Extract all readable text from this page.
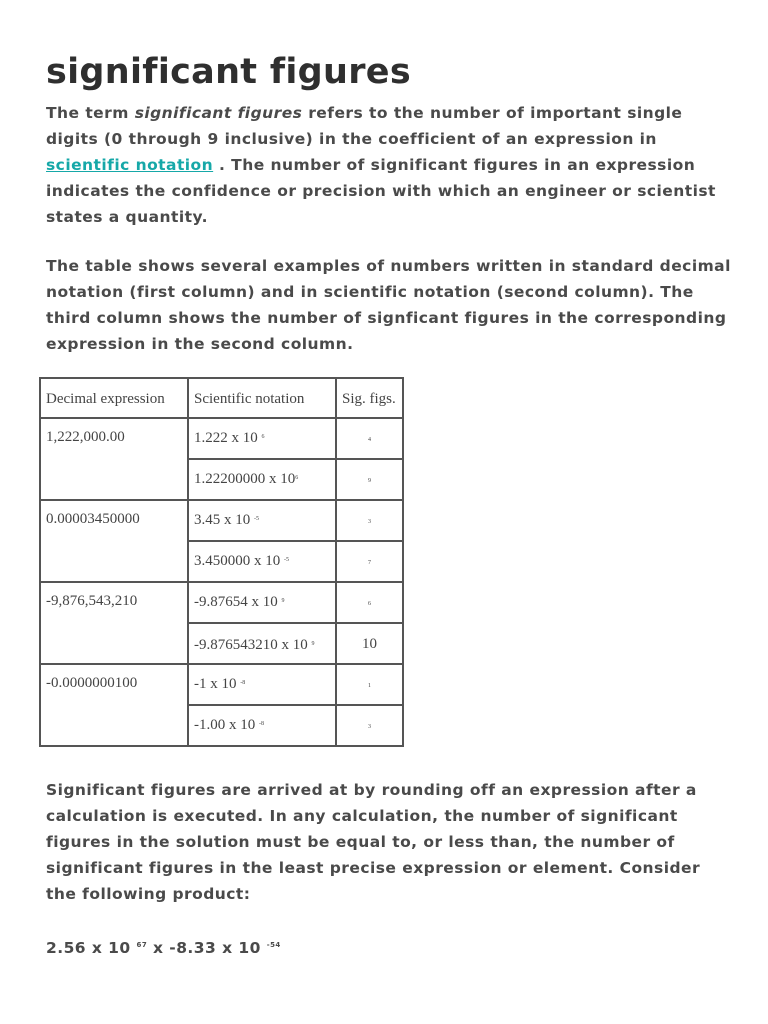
significant figures

The term significant figures refers to the number of important single digits (0 through 9 inclusive) in the coefficient of an expression in scientific notation . The number of significant figures in an expression indicates the confidence or precision with which an engineer or scientist states a quantity.

The table shows several examples of numbers written in standard decimal notation (first column) and in scientific notation (second column). The third column shows the number of signficant figures in the corresponding expression in the second column.

Decimal expression	Scientific notation	Sig. figs.
1,222,000.00	1.222 x 10 $^6$	4
	1.22200000 x $10^6$	9
0.00003450000	3.45 x 10 $^{-5}$	3
	3.450000 x 10 $^{-5}$	7
-9,876,543,210	-9.87654 x 10 $^9$	6
	-9.876543210 x 10 $^9$	10
-0.0000000100	-1 x 10 $^{-8}$	1
	-1.00 x 10 $^{-8}$	3

Significant figures are arrived at by rounding off an expression after a calculation is executed. In any calculation, the number of significant figures in the solution must be equal to, or less than, the number of significant figures in the least precise expression or element. Consider the following product:

2.56 x 10 $^{67}$ x -8.33 x 10 $^{-54}$
